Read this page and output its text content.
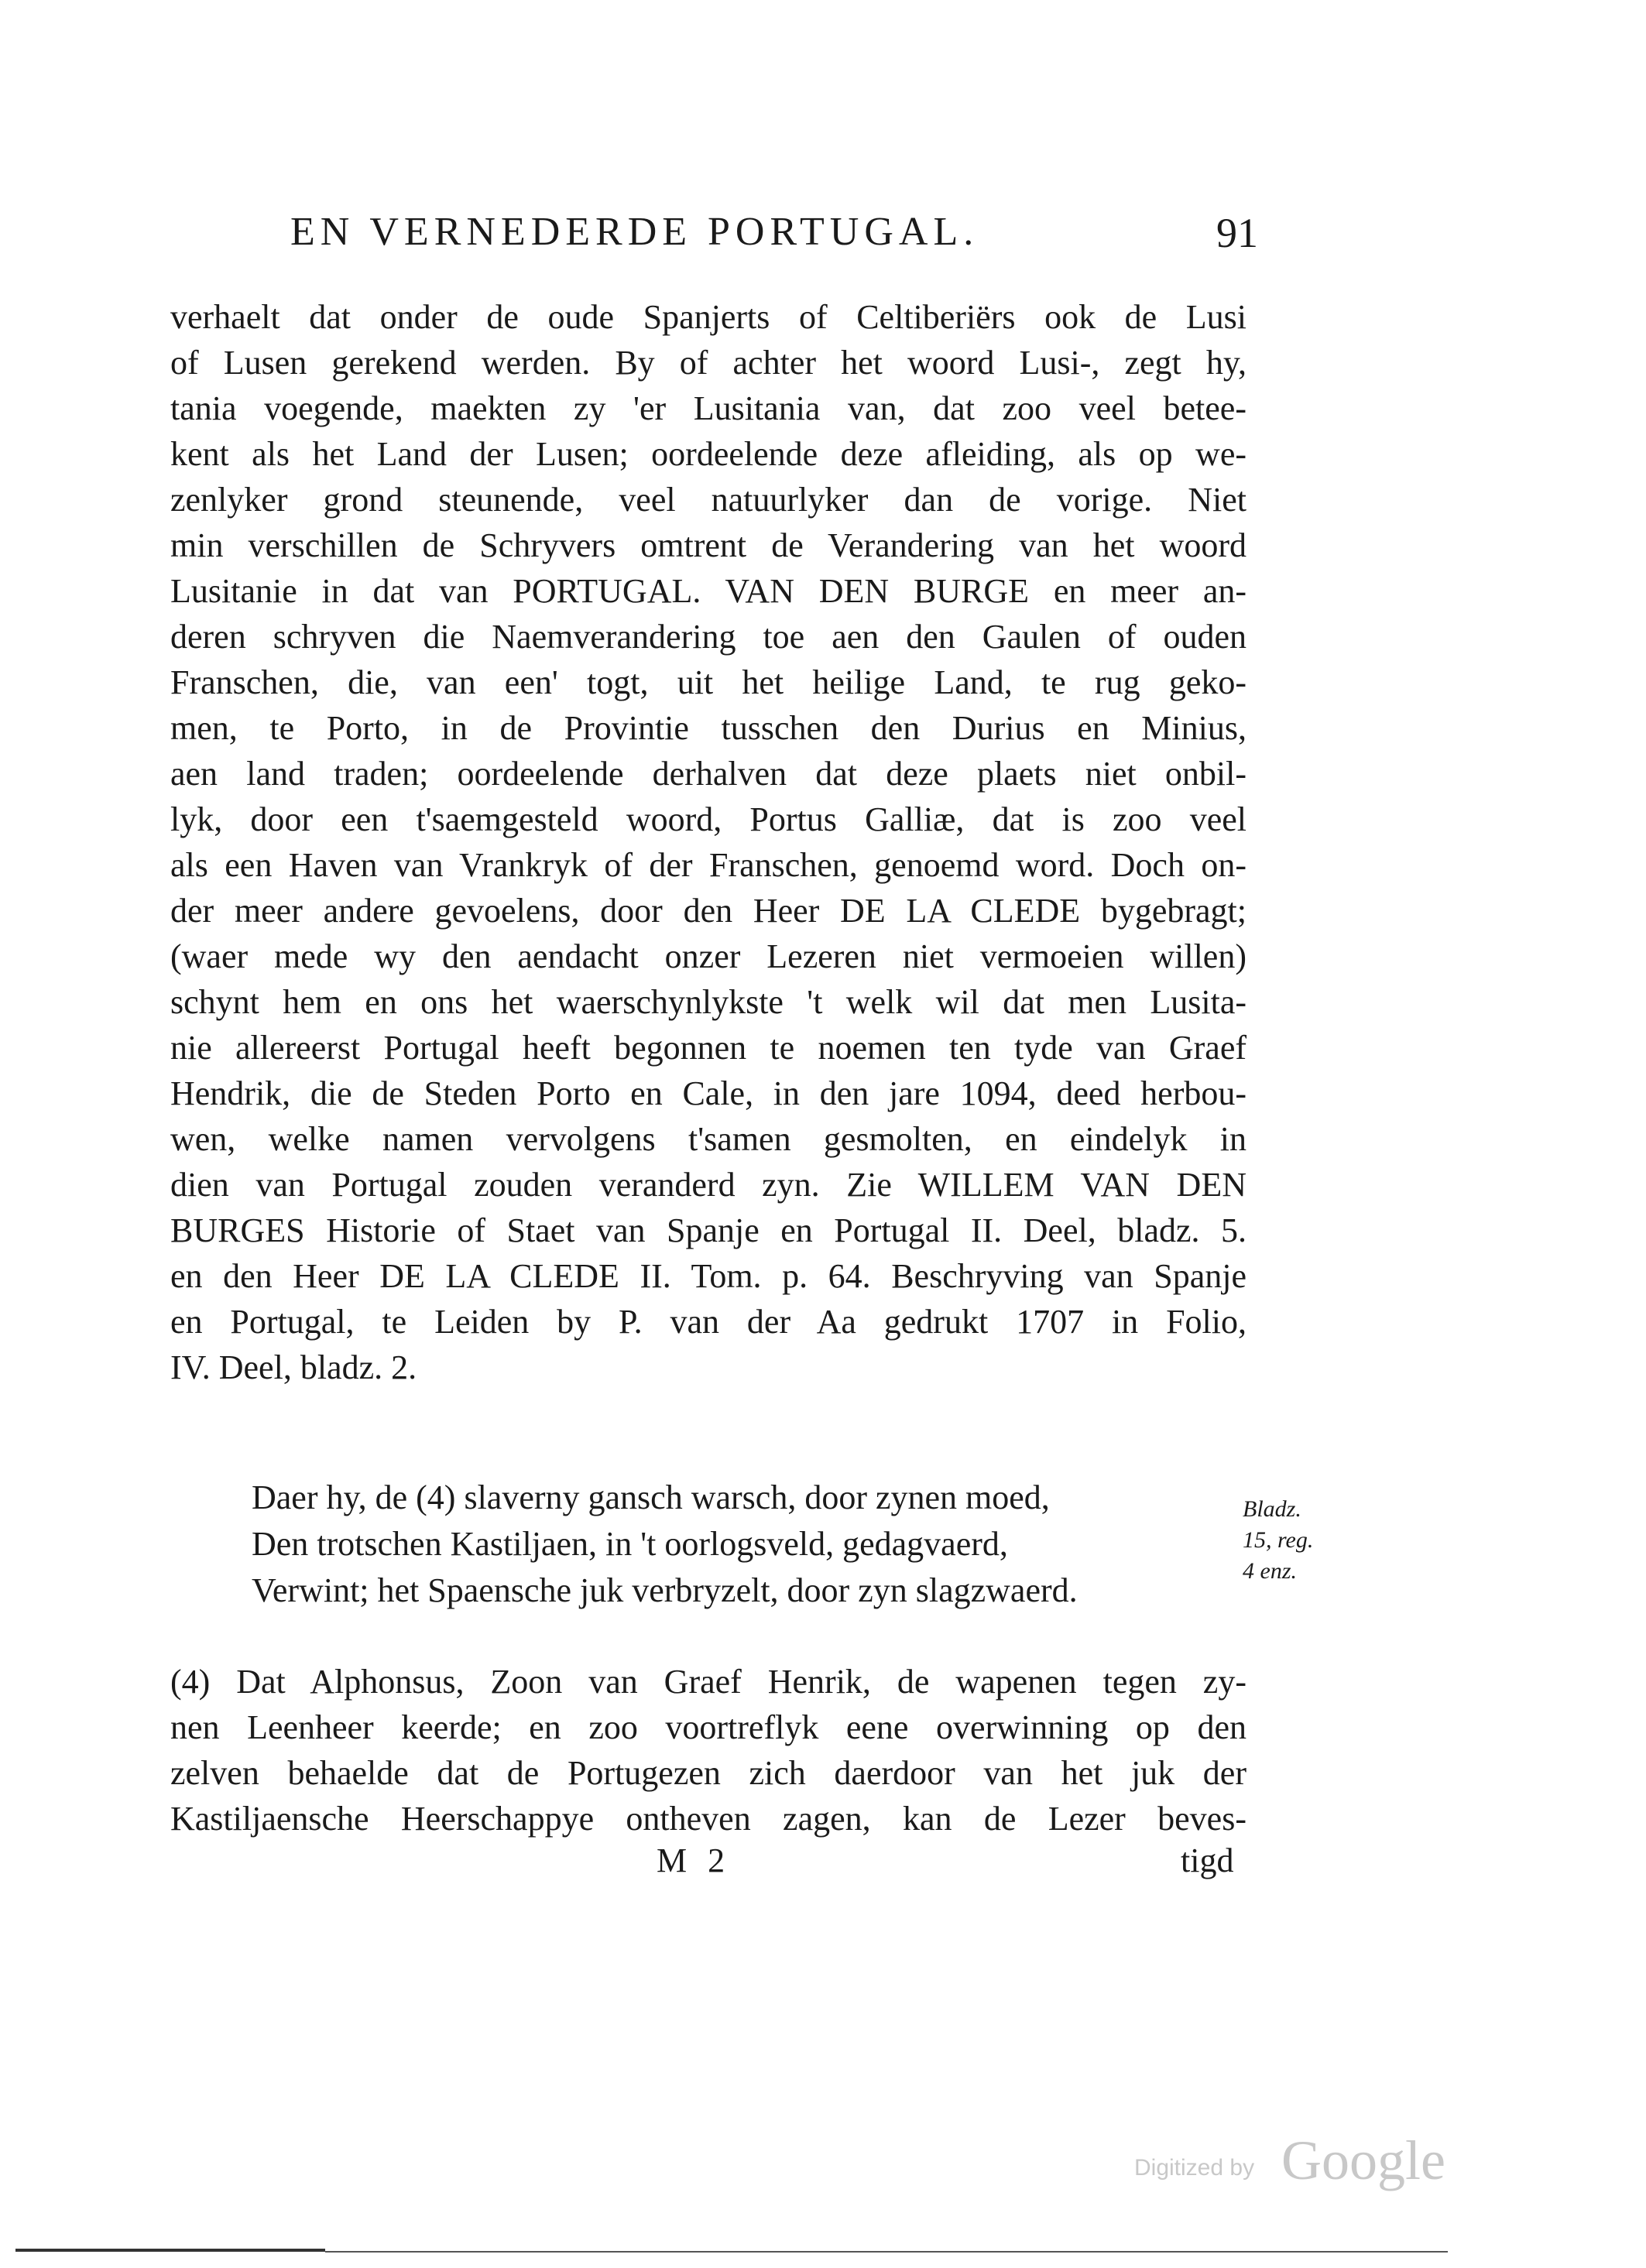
EN VERNEDERDE PORTUGAL.	91
verhaelt dat onder de oude Spanjerts of Celtiberiërs ook de Lusi
of Lusen gerekend werden. By of achter het woord Lusi-, zegt hy,
tania voegende, maekten zy 'er Lusitania van, dat zoo veel betee-
kent als het Land der Lusen; oordeelende deze afleiding, als op we-
zenlyker grond steunende, veel natuurlyker dan de vorige. Niet
min verschillen de Schryvers omtrent de Verandering van het woord
Lusitanie in dat van PORTUGAL. VAN DEN BURGE en meer an-
deren schryven die Naemverandering toe aen den Gaulen of ouden
Franschen, die, van een' togt, uit het heilige Land, te rug geko-
men, te Porto, in de Provintie tusschen den Durius en Minius,
aen land traden; oordeelende derhalven dat deze plaets niet onbil-
lyk, door een t'saemgesteld woord, Portus Galliæ, dat is zoo veel
als een Haven van Vrankryk of der Franschen, genoemd word. Doch on-
der meer andere gevoelens, door den Heer DE LA CLEDE bygebragt;
(waer mede wy den aendacht onzer Lezeren niet vermoeien willen)
schynt hem en ons het waerschynlykste 't welk wil dat men Lusita-
nie allereerst Portugal heeft begonnen te noemen ten tyde van Graef
Hendrik, die de Steden Porto en Cale, in den jare 1094, deed herbou-
wen, welke namen vervolgens t'samen gesmolten, en eindelyk in
dien van Portugal zouden veranderd zyn. Zie WILLEM VAN DEN
BURGES Historie of Staet van Spanje en Portugal II. Deel, bladz. 5.
en den Heer DE LA CLEDE II. Tom. p. 64. Beschryving van Spanje
en Portugal, te Leiden by P. van der Aa gedrukt 1707 in Folio,
IV. Deel, bladz. 2.
Daer hy, de (4) slaverny gansch warsch, door zynen moed,
Den trotschen Kastiljaen, in 't oorlogsveld, gedagvaerd,
Verwint; het Spaensche juk verbryzelt, door zyn slagzwaerd.
Bladz.
15, reg.
4 enz.
(4) Dat Alphonsus, Zoon van Graef Henrik, de wapenen tegen zy-
nen Leenheer keerde; en zoo voortreflyk eene overwinning op den
zelven behaelde dat de Portugezen zich daerdoor van het juk der
Kastiljaensche Heerschappye ontheven zagen, kan de Lezer beves-
M 2	tigd
Digitized by Google
